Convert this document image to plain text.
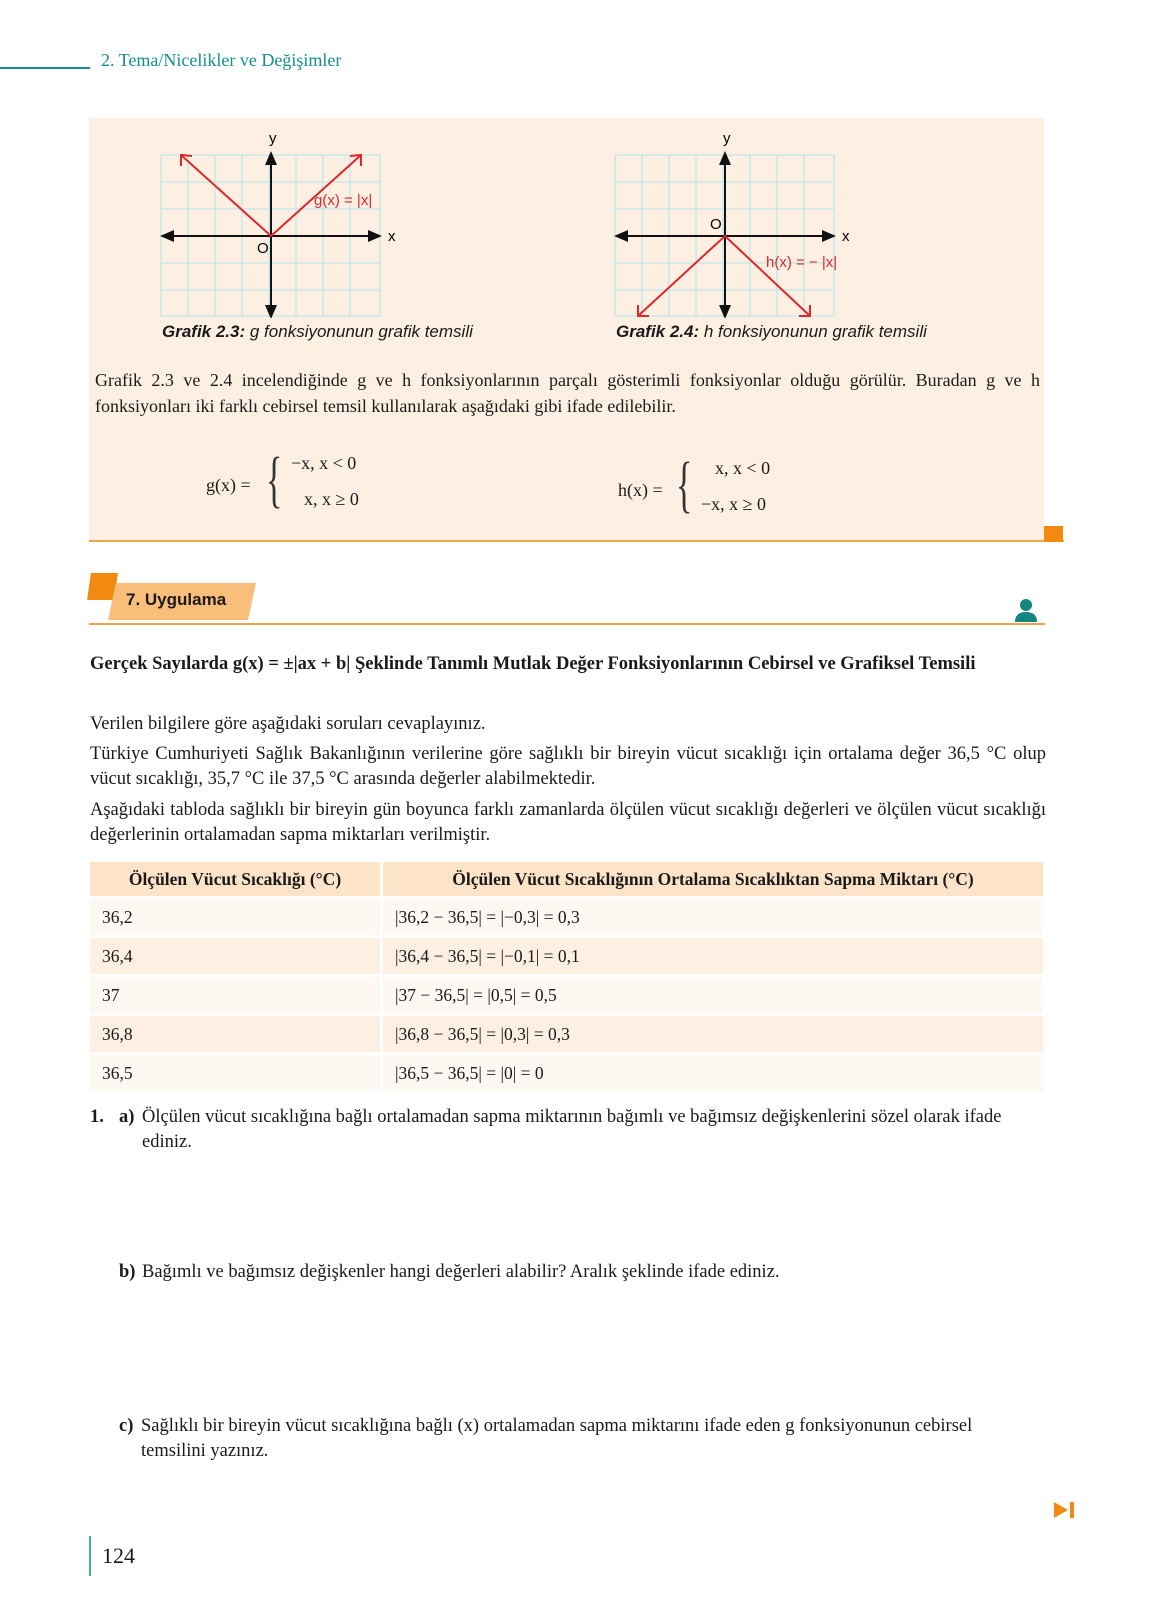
2. Tema/Nicelikler ve Değişimler
y
x
O
g(x) = |x|
Grafik 2.3: g fonksiyonunun grafik temsili
y
x
O
h(x) = − |x|
Grafik 2.4: h fonksiyonunun grafik temsili
Grafik 2.3 ve 2.4 incelendiğinde g ve h fonksiyonlarının parçalı gösterimli fonksiyonlar olduğu görülür. Buradan g ve h fonksiyonları iki farklı cebirsel temsil kullanılarak aşağıdaki gibi ifade edilebilir.
g(x) = { −x, x < 0
x, x ≥ 0	h(x) = { x, x < 0
−x, x ≥ 0
7. Uygulama
Gerçek Sayılarda g(x) = ±|ax + b| Şeklinde Tanımlı Mutlak Değer Fonksiyonlarının Cebirsel ve Grafiksel Temsili
Verilen bilgilere göre aşağıdaki soruları cevaplayınız.
Türkiye Cumhuriyeti Sağlık Bakanlığının verilerine göre sağlıklı bir bireyin vücut sıcaklığı için ortalama değer 36,5 °C olup vücut sıcaklığı, 35,7 °C ile 37,5 °C arasında değerler alabilmektedir.
Aşağıdaki tabloda sağlıklı bir bireyin gün boyunca farklı zamanlarda ölçülen vücut sıcaklığı değerleri ve ölçülen vücut sıcaklığı değerlerinin ortalamadan sapma miktarları verilmiştir.
Ölçülen Vücut Sıcaklığı (°C)	Ölçülen Vücut Sıcaklığının Ortalama Sıcaklıktan Sapma Miktarı (°C)
36,2	|36,2 − 36,5| = |−0,3| = 0,3
36,4	|36,4 − 36,5| = |−0,1| = 0,1
37	|37 − 36,5| = |0,5| = 0,5
36,8	|36,8 − 36,5| = |0,3| = 0,3
36,5	|36,5 − 36,5| = |0| = 0
1. a) Ölçülen vücut sıcaklığına bağlı ortalamadan sapma miktarının bağımlı ve bağımsız değişkenlerini sözel olarak ifade ediniz.
b) Bağımlı ve bağımsız değişkenler hangi değerleri alabilir? Aralık şeklinde ifade ediniz.
c) Sağlıklı bir bireyin vücut sıcaklığına bağlı (x) ortalamadan sapma miktarını ifade eden g fonksiyonunun cebirsel temsilini yazınız.
124
